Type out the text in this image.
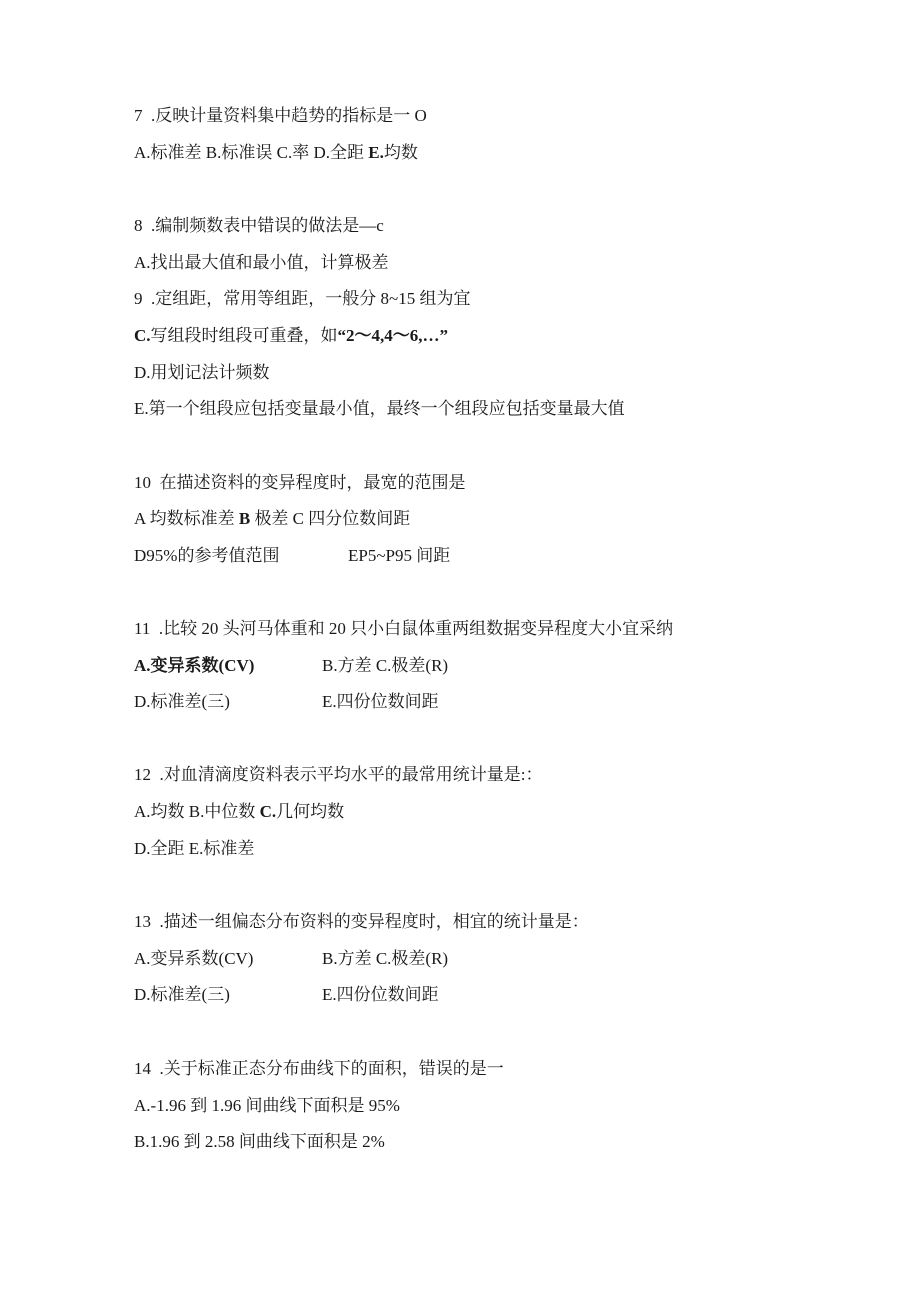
7  .反映计量资料集中趋势的指标是一 O
A.标准差 B.标准误 C.率 D.全距 E.均数
8  .编制频数表中错误的做法是—c
A.找出最大值和最小值，计算极差
9  .定组距，常用等组距，一般分 8~15 组为宜
C.写组段时组段可重叠，如“2～4,4～6,…”
D.用划记法计频数
E.第一个组段应包括变量最小值，最终一个组段应包括变量最大值
10  在描述资料的变异程度时，最宽的范围是
A 均数标准差 B 极差 C 四分位数间距
D95%的参考值范围	EP5~P95 间距
11  .比较 20 头河马体重和 20 只小白鼠体重两组数据变异程度大小宜采纳
A.变异系数(CV)	B.方差 C.极差(R)
D.标准差(三)	E.四份位数间距
12  .对血清滴度资料表示平均水平的最常用统计量是:：
A.均数 B.中位数 C.几何均数
D.全距 E.标准差
13  .描述一组偏态分布资料的变异程度时，相宜的统计量是：
A.变异系数(CV)	B.方差 C.极差(R)
D.标准差(三)	E.四份位数间距
14  .关于标准正态分布曲线下的面积，错误的是一
A.-1.96 到 1.96 间曲线下面积是 95%
B.1.96 到 2.58 间曲线下面积是 2%
